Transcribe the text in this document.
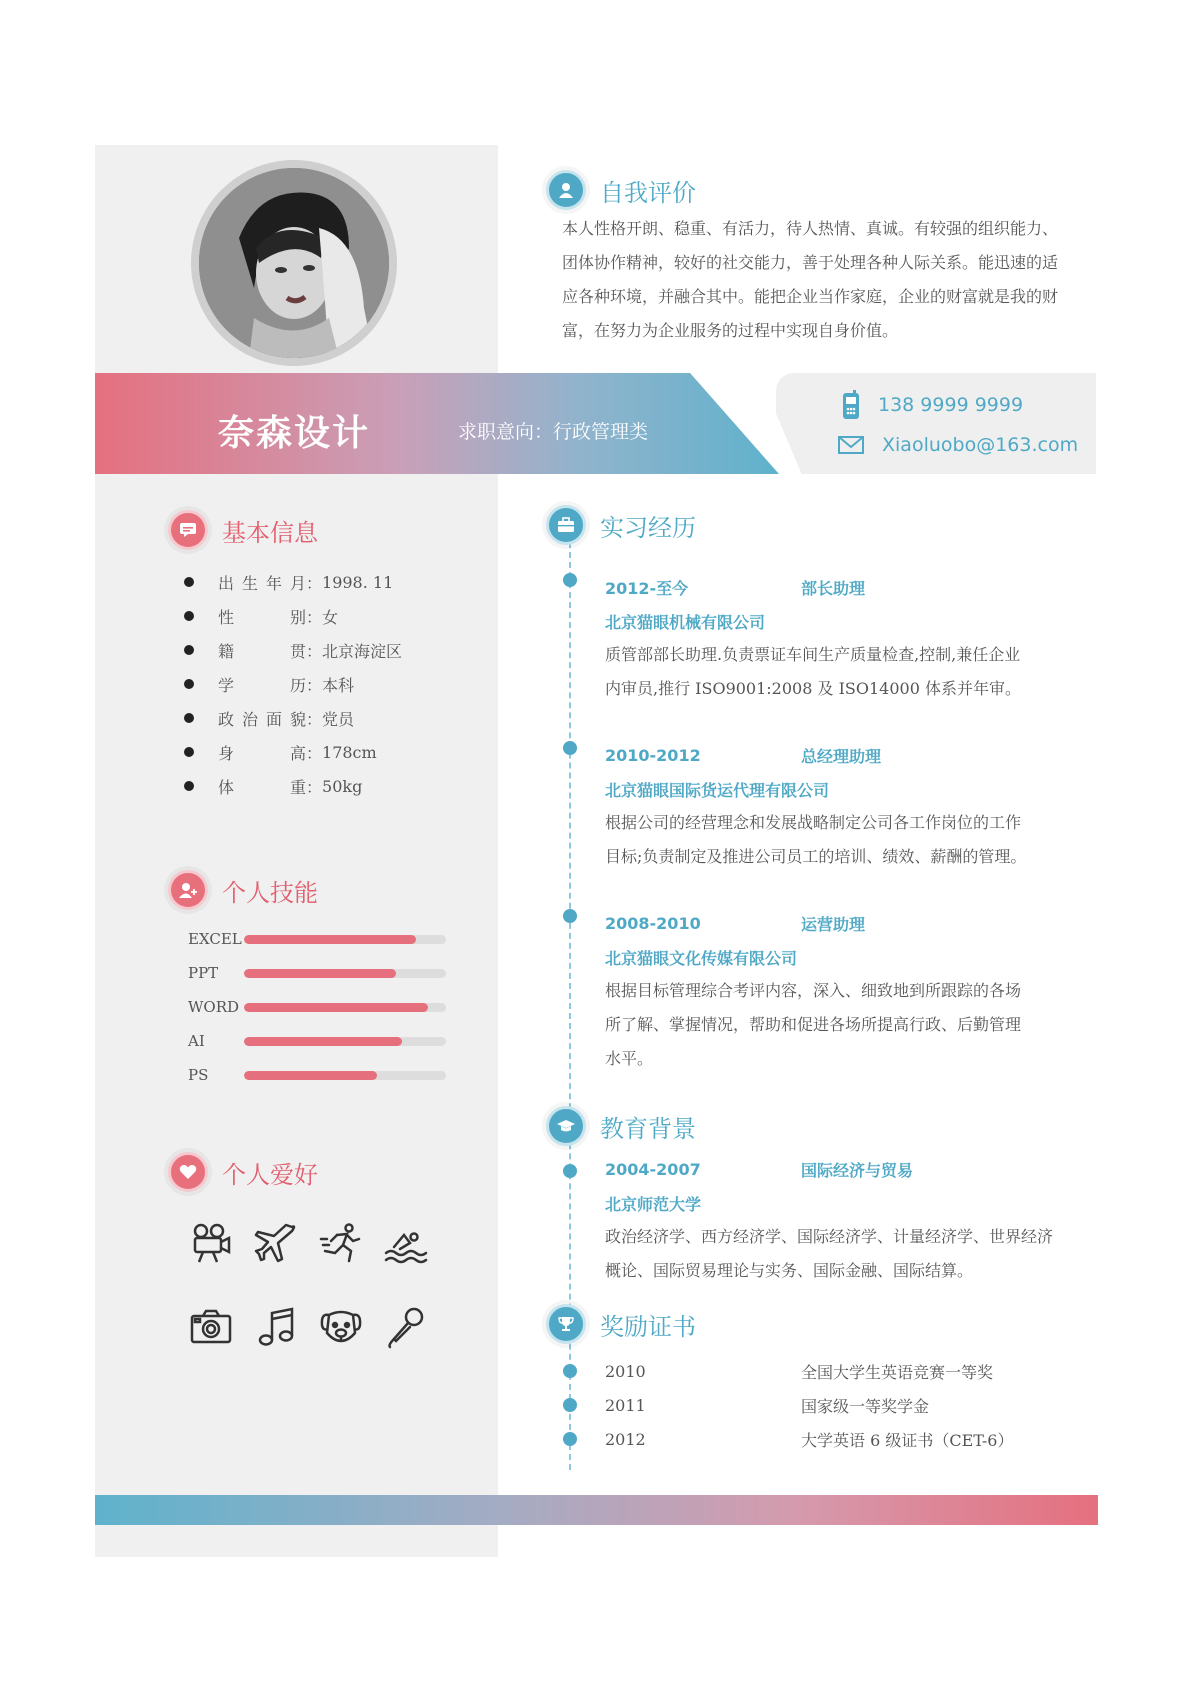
自我评价
本人性格开朗、稳重、有活力，待人热情、真诚。有较强的组织能力、团体协作精神，较好的社交能力，善于处理各种人际关系。能迅速的适应各种环境，并融合其中。能把企业当作家庭，企业的财富就是我的财富，在努力为企业服务的过程中实现自身价值。
奈森设计	求职意向：行政管理类
138 9999 9999
Xiaoluobo@163.com
基本信息
出生年月 ： 1998. 11
性别 ： 女
籍贯 ： 北京海淀区
学历 ： 本科
政治面貌 ： 党员
身高 ： 178cm
体重 ： 50kg
个人技能
EXCEL
PPT
WORD
AI
PS
个人爱好
实习经历
2012-至今	部长助理
北京猫眼机械有限公司
质管部部长助理.负责票证车间生产质量检查,控制,兼任企业内审员,推行 ISO9001:2008 及 ISO14000 体系并年审。
2010-2012	总经理助理
北京猫眼国际货运代理有限公司
根据公司的经营理念和发展战略制定公司各工作岗位的工作目标;负责制定及推进公司员工的培训、绩效、薪酬的管理。
2008-2010	运营助理
北京猫眼文化传媒有限公司
根据目标管理综合考评内容，深入、细致地到所跟踪的各场所了解、掌握情况，帮助和促进各场所提高行政、后勤管理水平。
教育背景
2004-2007	国际经济与贸易
北京师范大学
政治经济学、西方经济学、国际经济学、计量经济学、世界经济概论、国际贸易理论与实务、国际金融、国际结算。
奖励证书
2010	全国大学生英语竞赛一等奖
2011	国家级一等奖学金
2012	大学英语 6 级证书（CET-6）
